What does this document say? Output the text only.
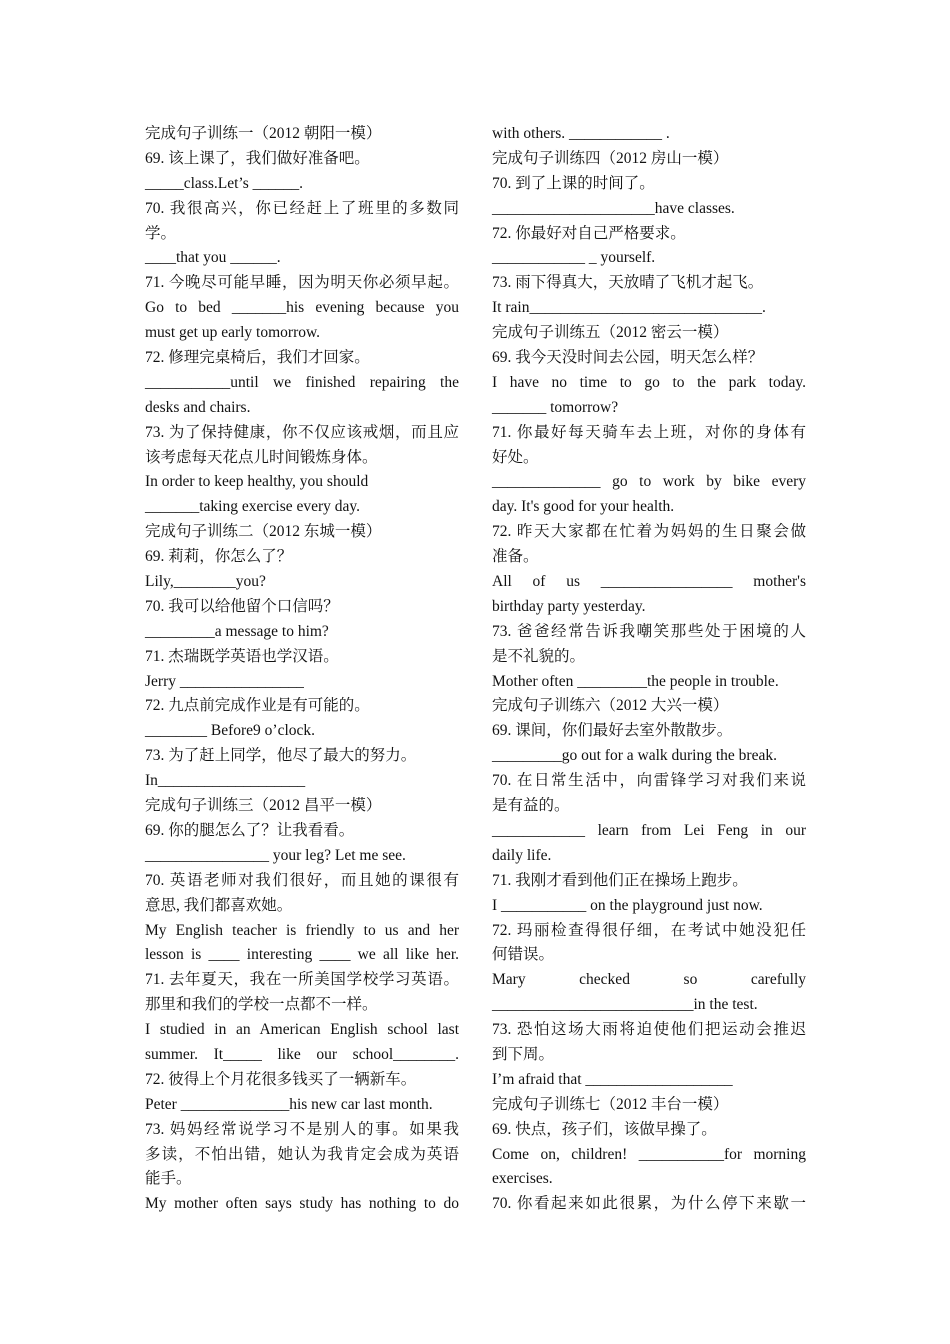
完成句子训练一（2012 朝阳一模）
69. 该上课了，我们做好准备吧。
_____class.Let’s ______.
70. 我很高兴，你已经赶上了班里的多数同
学。
____that you ______.
71. 今晚尽可能早睡，因为明天你必须早起。
Go to bed _______his evening because you
must get up early tomorrow.
72. 修理完桌椅后，我们才回家。
___________until we finished repairing the
desks and chairs.
73. 为了保持健康，你不仅应该戒烟，而且应
该考虑每天花点儿时间锻炼身体。
In order to keep healthy, you should
_______taking exercise every day.
完成句子训练二（2012 东城一模）
69. 莉莉，你怎么了？
Lily,________you?
70. 我可以给他留个口信吗？
_________a message to him?
71. 杰瑞既学英语也学汉语。
Jerry ________________
72. 九点前完成作业是有可能的。
________ Before9 o’clock.
73. 为了赶上同学，他尽了最大的努力。
In___________________
完成句子训练三（2012 昌平一模）
69. 你的腿怎么了？让我看看。
________________ your leg? Let me see.
70. 英语老师对我们很好，而且她的课很有
意思, 我们都喜欢她。
My English teacher is friendly to us and her
lesson is ____ interesting ____ we all like her.
71. 去年夏天，我在一所美国学校学习英语。
那里和我们的学校一点都不一样。
I studied in an American English school last
summer. It_____ like our school________.
72. 彼得上个月花很多钱买了一辆新车。
Peter ______________his new car last month.
73. 妈妈经常说学习不是别人的事。如果我
多读，不怕出错，她认为我肯定会成为英语
能手。
My mother often says study has nothing to do
with others. ____________ .
完成句子训练四（2012 房山一模）
70. 到了上课的时间了。
_____________________have classes.
72. 你最好对自己严格要求。
____________ _ yourself.
73. 雨下得真大，天放晴了飞机才起飞。
It rain______________________________.
完成句子训练五（2012 密云一模）
69. 我今天没时间去公园，明天怎么样？
I have no time to go to the park today.
_______ tomorrow?
71. 你最好每天骑车去上班，对你的身体有
好处。
______________ go to work by bike every
day. It's good for your health.
72. 昨天大家都在忙着为妈妈的生日聚会做
准备。
All of us _________________ mother's
birthday party yesterday.
73. 爸爸经常告诉我嘲笑那些处于困境的人
是不礼貌的。
Mother often _________the people in trouble.
完成句子训练六（2012 大兴一模）
69. 课间，你们最好去室外散散步。
_________go out for a walk during the break.
70. 在日常生活中，向雷锋学习对我们来说
是有益的。
____________ learn from Lei Feng in our
daily life.
71. 我刚才看到他们正在操场上跑步。
I ___________ on the playground just now.
72. 玛丽检查得很仔细，在考试中她没犯任
何错误。
Mary checked so carefully
__________________________in the test.
73. 恐怕这场大雨将迫使他们把运动会推迟
到下周。
I’m afraid that ___________________
完成句子训练七（2012 丰台一模）
69. 快点，孩子们，该做早操了。
Come on, children! ___________for morning
exercises.
70. 你看起来如此很累，为什么停下来歇一
